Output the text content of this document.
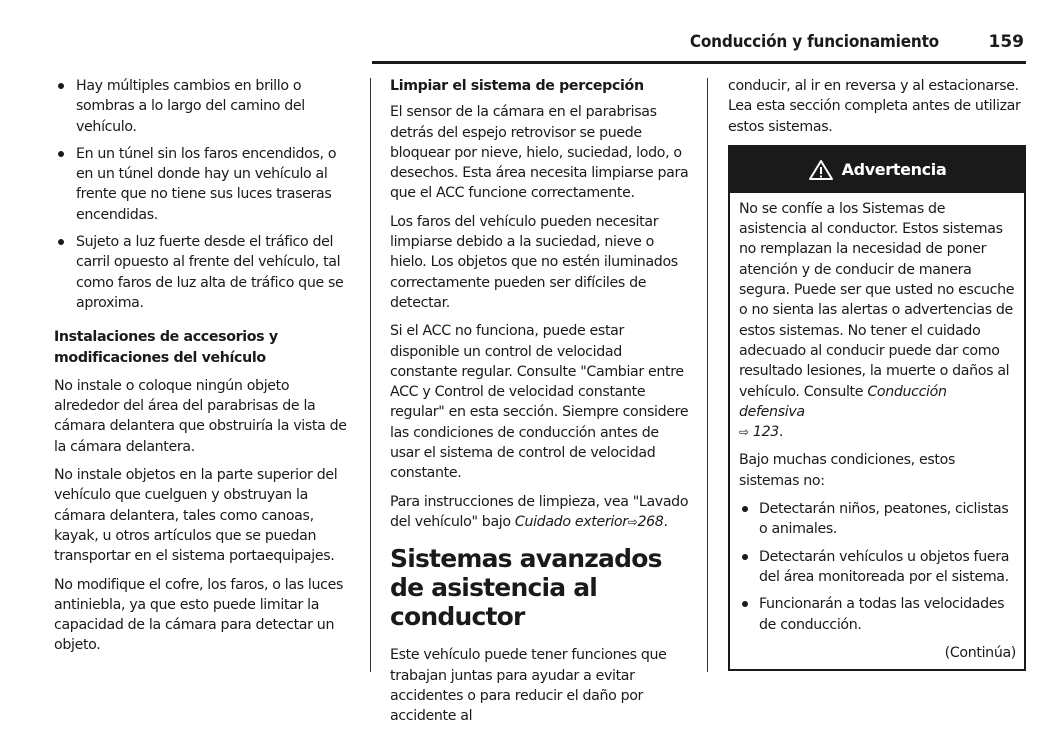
Conducción y funcionamiento	159
Hay múltiples cambios en brillo o sombras a lo largo del camino del vehículo.
En un túnel sin los faros encendidos, o en un túnel donde hay un vehículo al frente que no tiene sus luces traseras encendidas.
Sujeto a luz fuerte desde el tráfico del carril opuesto al frente del vehículo, tal como faros de luz alta de tráfico que se aproxima.

Instalaciones de accesorios y modificaciones del vehículo

No instale o coloque ningún objeto alrededor del área del parabrisas de la cámara delantera que obstruiría la vista de la cámara delantera.

No instale objetos en la parte superior del vehículo que cuelguen y obstruyan la cámara delantera, tales como canoas, kayak, u otros artículos que se puedan transportar en el sistema portaequipajes.

No modifique el cofre, los faros, o las luces antiniebla, ya que esto puede limitar la capacidad de la cámara para detectar un objeto.

Limpiar el sistema de percepción

El sensor de la cámara en el parabrisas detrás del espejo retrovisor se puede bloquear por nieve, hielo, suciedad, lodo, o desechos. Esta área necesita limpiarse para que el ACC funcione correctamente.

Los faros del vehículo pueden necesitar limpiarse debido a la suciedad, nieve o hielo. Los objetos que no estén iluminados correctamente pueden ser difíciles de detectar.

Si el ACC no funciona, puede estar disponible un control de velocidad constante regular. Consulte "Cambiar entre ACC y Control de velocidad constante regular" en esta sección. Siempre considere las condiciones de conducción antes de usar el sistema de control de velocidad constante.

Para instrucciones de limpieza, vea "Lavado del vehículo" bajo Cuidado exterior⇨268.

Sistemas avanzados de asistencia al conductor

Este vehículo puede tener funciones que trabajan juntas para ayudar a evitar accidentes o para reducir el daño por accidente al

conducir, al ir en reversa y al estacionarse. Lea esta sección completa antes de utilizar estos sistemas.

Advertencia

No se confíe a los Sistemas de asistencia al conductor. Estos sistemas no remplazan la necesidad de poner atención y de conducir de manera segura. Puede ser que usted no escuche o no sienta las alertas o advertencias de estos sistemas. No tener el cuidado adecuado al conducir puede dar como resultado lesiones, la muerte o daños al vehículo. Consulte Conducción defensiva
⇨ 123.

Bajo muchas condiciones, estos sistemas no:

Detectarán niños, peatones, ciclistas o animales.
Detectarán vehículos u objetos fuera del área monitoreada por el sistema.
Funcionarán a todas las velocidades de conducción.
(Continúa)
